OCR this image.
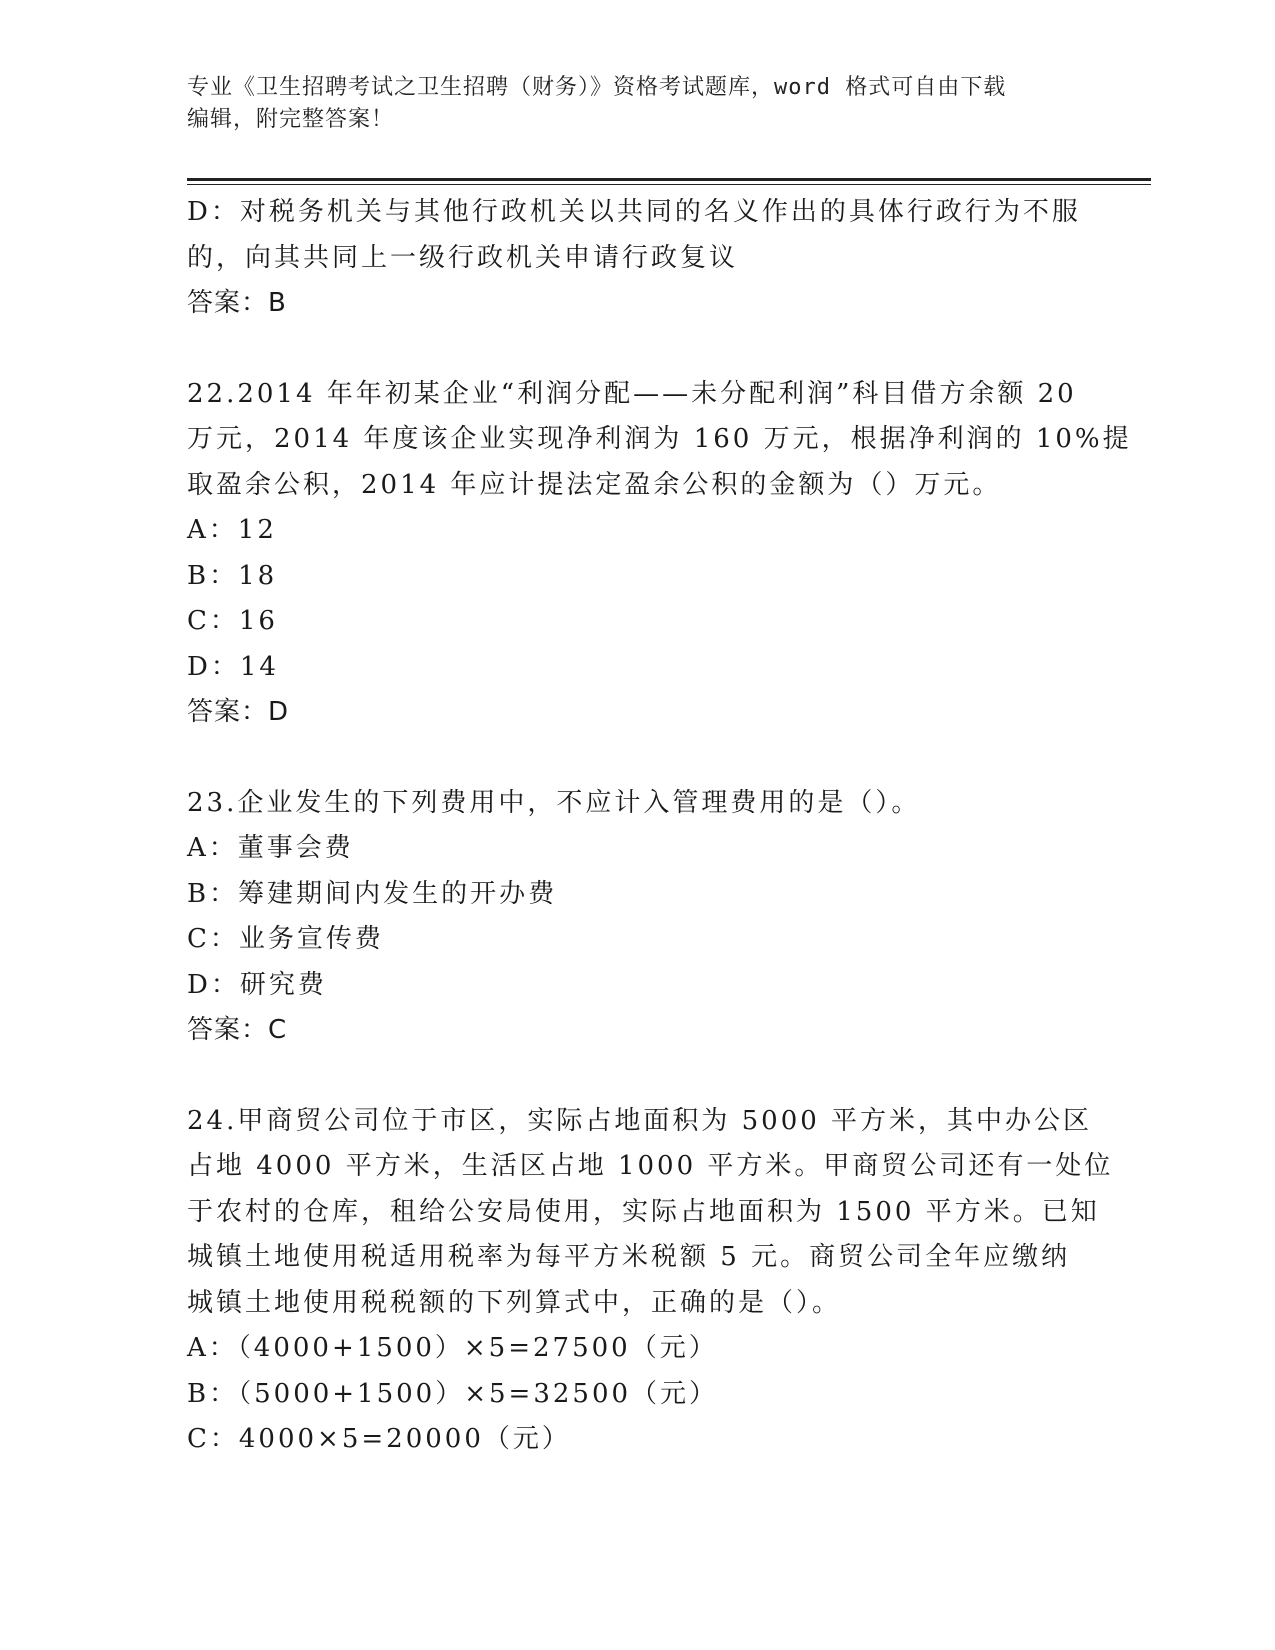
专业《卫生招聘考试之卫生招聘（财务）》资格考试题库，word 格式可自由下载
编辑，附完整答案！

D：对税务机关与其他行政机关以共同的名义作出的具体行政行为不服

的，向其共同上一级行政机关申请行政复议

答案：B

22.2014 年年初某企业“利润分配——未分配利润”科目借方余额 20

万元，2014 年度该企业实现净利润为 160 万元，根据净利润的 10%提

取盈余公积，2014 年应计提法定盈余公积的金额为（）万元。

A：12

B：18

C：16

D：14

答案：D

23.企业发生的下列费用中，不应计入管理费用的是（）。

A：董事会费

B：筹建期间内发生的开办费

C：业务宣传费

D：研究费

答案：C

24.甲商贸公司位于市区，实际占地面积为 5000 平方米，其中办公区

占地 4000 平方米，生活区占地 1000 平方米。甲商贸公司还有一处位

于农村的仓库，租给公安局使用，实际占地面积为 1500 平方米。已知

城镇土地使用税适用税率为每平方米税额 5 元。商贸公司全年应缴纳

城镇土地使用税税额的下列算式中，正确的是（）。

A：（4000+1500）×5=27500（元）

B：（5000+1500）×5=32500（元）

C：4000×5=20000（元）
